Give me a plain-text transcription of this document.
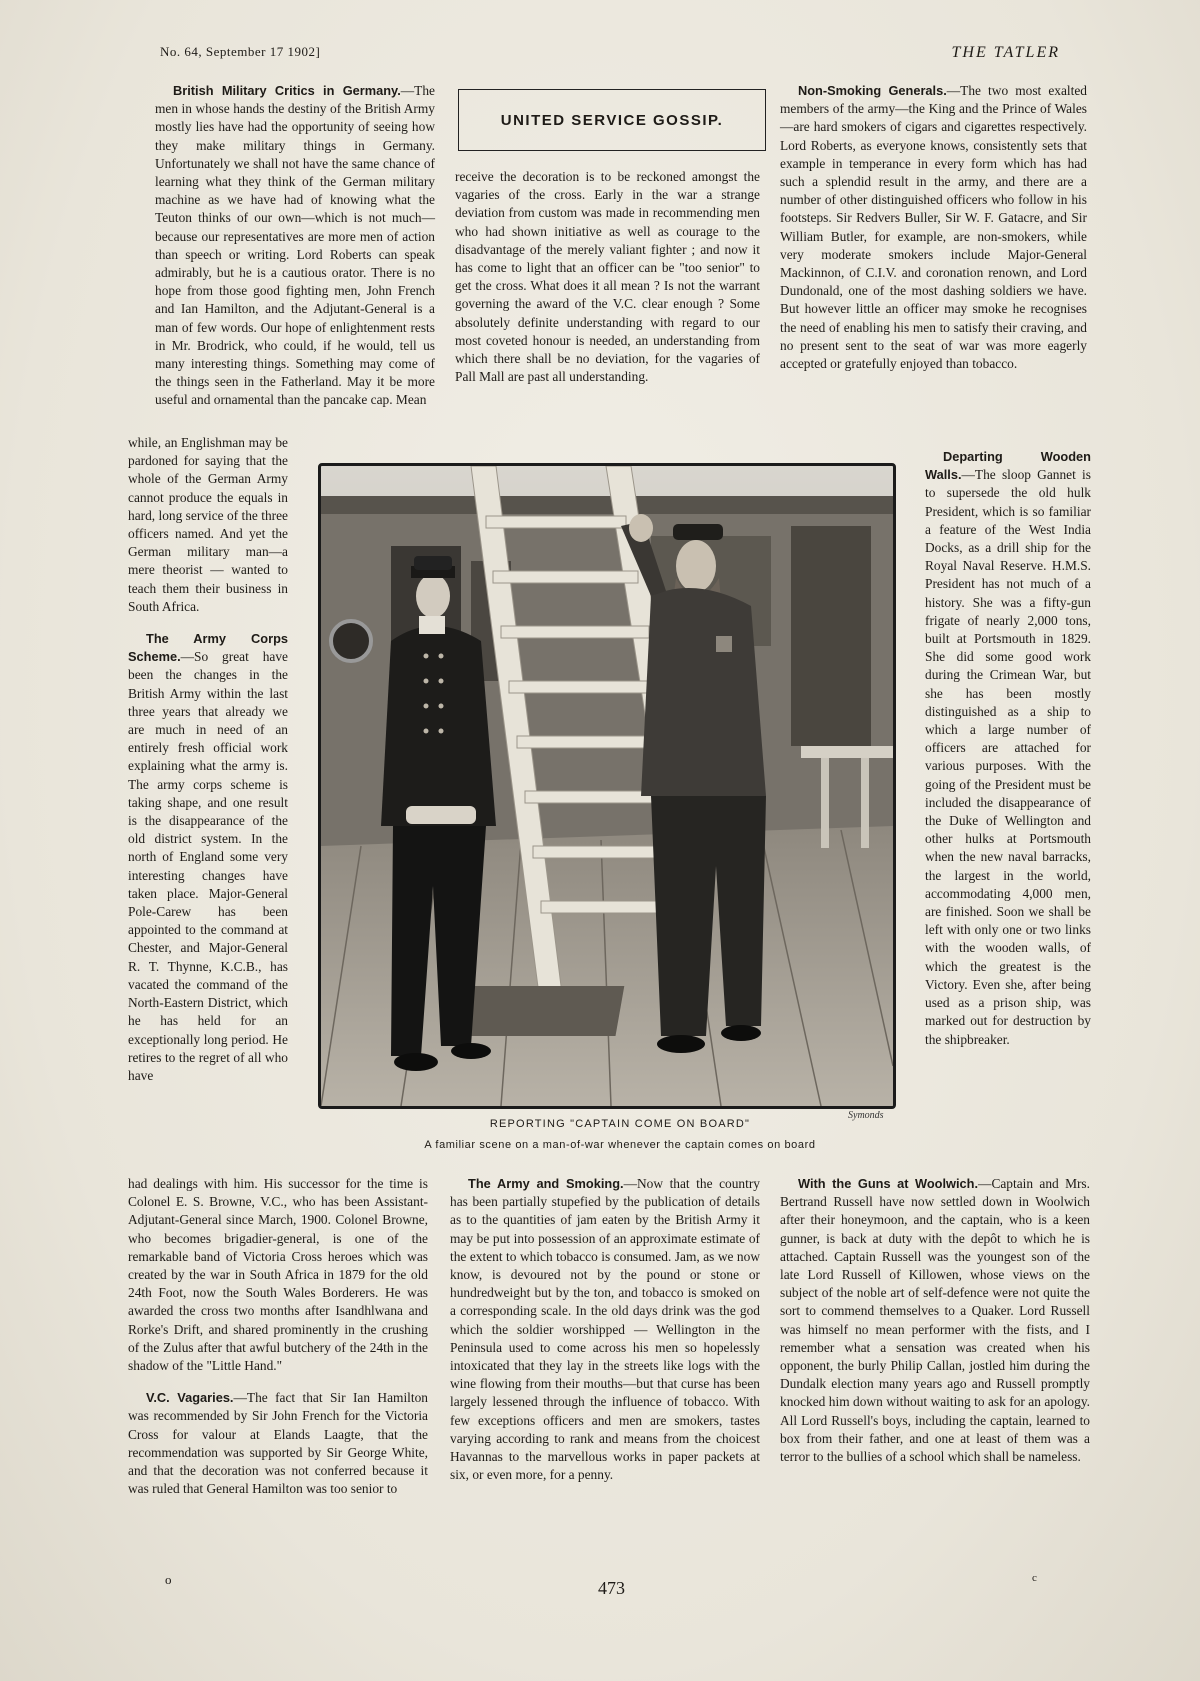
No. 64, September 17 1902]	THE TATLER

British Military Critics in Germany.—The men in whose hands the destiny of the British Army mostly lies have had the opportunity of seeing how they make military things in Germany. Unfortunately we shall not have the same chance of learning what they think of the German military machine as we have had of knowing what the Teuton thinks of our own—which is not much—because our representatives are more men of action than speech or writing. Lord Roberts can speak admirably, but he is a cautious orator. There is no hope from those good fighting men, John French and Ian Hamilton, and the Adjutant-General is a man of few words. Our hope of enlightenment rests in Mr. Brodrick, who could, if he would, tell us many interesting things. Something may come of the things seen in the Fatherland. May it be more useful and ornamental than the pancake cap. Mean

while, an Englishman may be pardoned for saying that the whole of the German Army cannot produce the equals in hard, long service of the three officers named. And yet the German military man—a mere theorist — wanted to teach them their business in South Africa.

The Army Corps Scheme.—So great have been the changes in the British Army within the last three years that already we are much in need of an entirely fresh official work explaining what the army is. The army corps scheme is taking shape, and one result is the disappearance of the old district system. In the north of England some very interesting changes have taken place. Major-General Pole-Carew has been appointed to the command at Chester, and Major-General R. T. Thynne, K.C.B., has vacated the command of the North-Eastern District, which he has held for an exceptionally long period. He retires to the regret of all who have

had dealings with him. His successor for the time is Colonel E. S. Browne, V.C., who has been Assistant-Adjutant-General since March, 1900. Colonel Browne, who becomes brigadier-general, is one of the remarkable band of Victoria Cross heroes which was created by the war in South Africa in 1879 for the old 24th Foot, now the South Wales Borderers. He was awarded the cross two months after Isandhlwana and Rorke's Drift, and shared prominently in the crushing of the Zulus after that awful butchery of the 24th in the shadow of the "Little Hand."

V.C. Vagaries.—The fact that Sir Ian Hamilton was recommended by Sir John French for the Victoria Cross for valour at Elands Laagte, that the recommendation was supported by Sir George White, and that the decoration was not conferred because it was ruled that General Hamilton was too senior to

UNITED SERVICE GOSSIP.

receive the decoration is to be reckoned amongst the vagaries of the cross. Early in the war a strange deviation from custom was made in recommending men who had shown initiative as well as courage to the disadvantage of the merely valiant fighter ; and now it has come to light that an officer can be "too senior" to get the cross. What does it all mean ? Is not the warrant governing the award of the V.C. clear enough ? Some absolutely definite understanding with regard to our most coveted honour is needed, an understanding from which there shall be no deviation, for the vagaries of Pall Mall are past all understanding.

The Army and Smoking.—Now that the country has been partially stupefied by the publication of details as to the quantities of jam eaten by the British Army it may be put into possession of an approximate estimate of the extent to which tobacco is consumed. Jam, as we now know, is devoured not by the pound or stone or hundredweight but by the ton, and tobacco is smoked on a corresponding scale. In the old days drink was the god which the soldier worshipped — Wellington in the Peninsula used to come across his men so hopelessly intoxicated that they lay in the streets like logs with the wine flowing from their mouths—but that curse has been largely lessened through the influence of tobacco. With few exceptions officers and men are smokers, tastes varying according to rank and means from the choicest Havannas to the marvellous works in paper packets at six, or even more, for a penny.

Non-Smoking Generals.—The two most exalted members of the army—the King and the Prince of Wales—are hard smokers of cigars and cigarettes respectively. Lord Roberts, as everyone knows, consistently sets that example in temperance in every form which has had such a splendid result in the army, and there are a number of other distinguished officers who follow in his footsteps. Sir Redvers Buller, Sir W. F. Gatacre, and Sir William Butler, for example, are non-smokers, while very moderate smokers include Major-General Mackinnon, of C.I.V. and coronation renown, and Lord Dundonald, one of the most dashing soldiers we have. But however little an officer may smoke he recognises the need of enabling his men to satisfy their craving, and no present sent to the seat of war was more eagerly accepted or gratefully enjoyed than tobacco.

Departing Wooden Walls.—The sloop Gannet is to supersede the old hulk President, which is so familiar a feature of the West India Docks, as a drill ship for the Royal Naval Reserve. H.M.S. President has not much of a history. She was a fifty-gun frigate of nearly 2,000 tons, built at Portsmouth in 1829. She did some good work during the Crimean War, but she has been mostly distinguished as a ship to which a large number of officers are attached for various purposes. With the going of the President must be included the disappearance of the Duke of Wellington and other hulks at Portsmouth when the new naval barracks, the largest in the world, accommodating 4,000 men, are finished. Soon we shall be left with only one or two links with the wooden walls, of which the greatest is the Victory. Even she, after being used as a prison ship, was marked out for destruction by the shipbreaker.

With the Guns at Woolwich.—Captain and Mrs. Bertrand Russell have now settled down in Woolwich after their honeymoon, and the captain, who is a keen gunner, is back at duty with the depôt to which he is attached. Captain Russell was the youngest son of the late Lord Russell of Killowen, whose views on the subject of the noble art of self-defence were not quite the sort to commend themselves to a Quaker. Lord Russell was himself no mean performer with the fists, and I remember what a sensation was created when his opponent, the burly Philip Callan, jostled him during the Dundalk election many years ago and Russell promptly knocked him down without waiting to ask for an apology. All Lord Russell's boys, including the captain, learned to box from their father, and one at least of them was a terror to the bullies of a school which shall be nameless.

Symonds
REPORTING "CAPTAIN COME ON BOARD"
A familiar scene on a man-of-war whenever the captain comes on board
o	473	c
